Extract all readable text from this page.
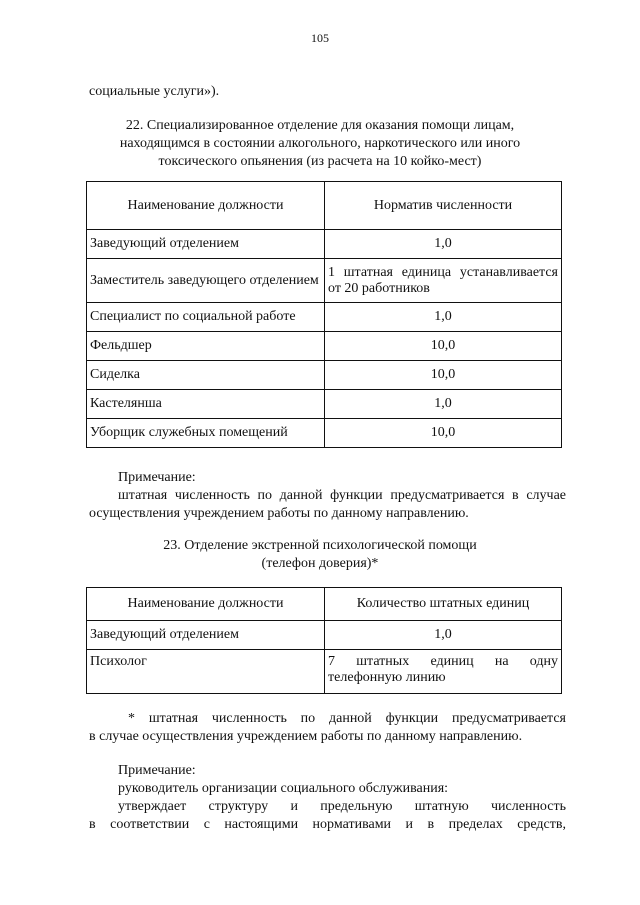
105
социальные услуги»).
22. Специализированное отделение для оказания помощи лицам,
находящимся в состоянии алкогольного, наркотического или иного
токсического опьянения (из расчета на 10 койко-мест)
Наименование должности	Норматив численности
Заведующий отделением	1,0
Заместитель заведующего отделением	1 штатная единица устанавливается от 20 работников
Специалист по социальной работе	1,0
Фельдшер	10,0
Сиделка	10,0
Кастелянша	1,0
Уборщик служебных помещений	10,0
Примечание:
штатная численность по данной функции предусматривается в случае
осуществления учреждением работы по данному направлению.
23. Отделение экстренной психологической помощи
(телефон доверия)*
Наименование должности	Количество штатных единиц
Заведующий отделением	1,0
Психолог	7 штатных единиц на одну телефонную линию
* штатная численность по данной функции предусматривается
в случае осуществления учреждением работы по данному направлению.
Примечание:
руководитель организации социального обслуживания:
утверждает структуру и предельную штатную численность
в соответствии с настоящими нормативами и в пределах средств,
